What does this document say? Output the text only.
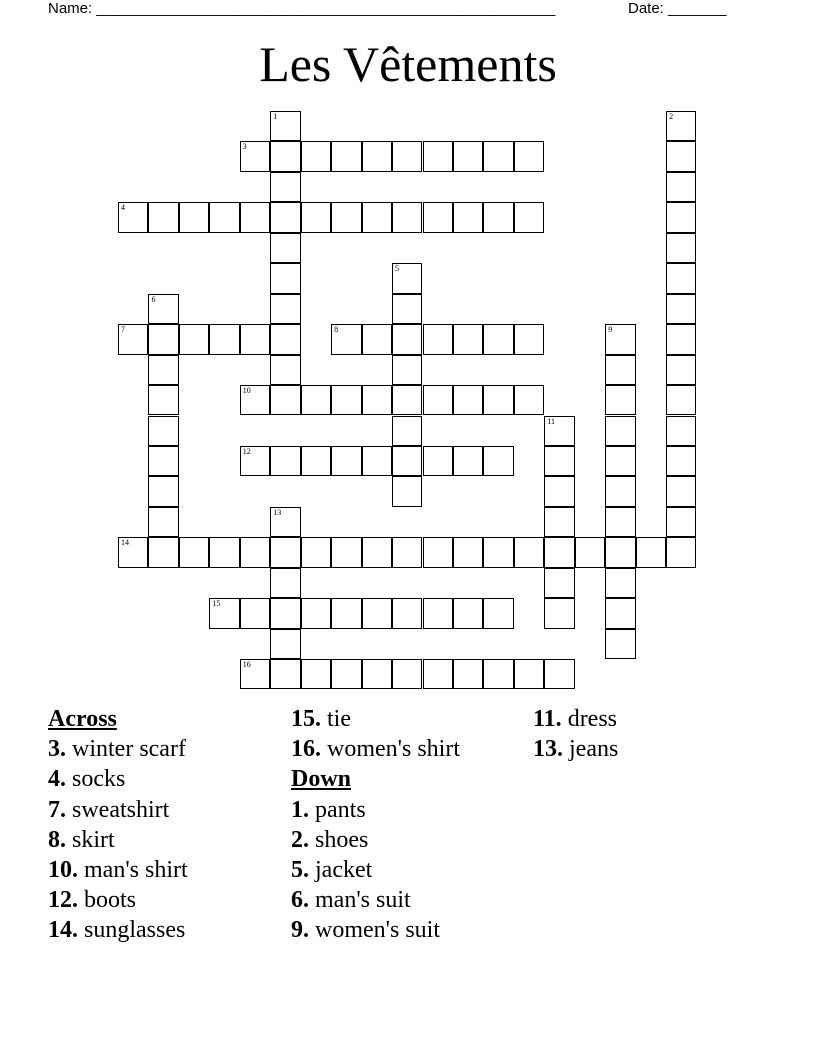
Name: _______________________________________________________	Date: _______
Les Vêtements
1	2
3
4
5
6
7	8	9
10
11
12
13
14
15
16
Across
3. winter scarf
4. socks
7. sweatshirt
8. skirt
10. man's shirt
12. boots
14. sunglasses
15. tie
16. women's shirt
Down
1. pants
2. shoes
5. jacket
6. man's suit
9. women's suit
11. dress
13. jeans
